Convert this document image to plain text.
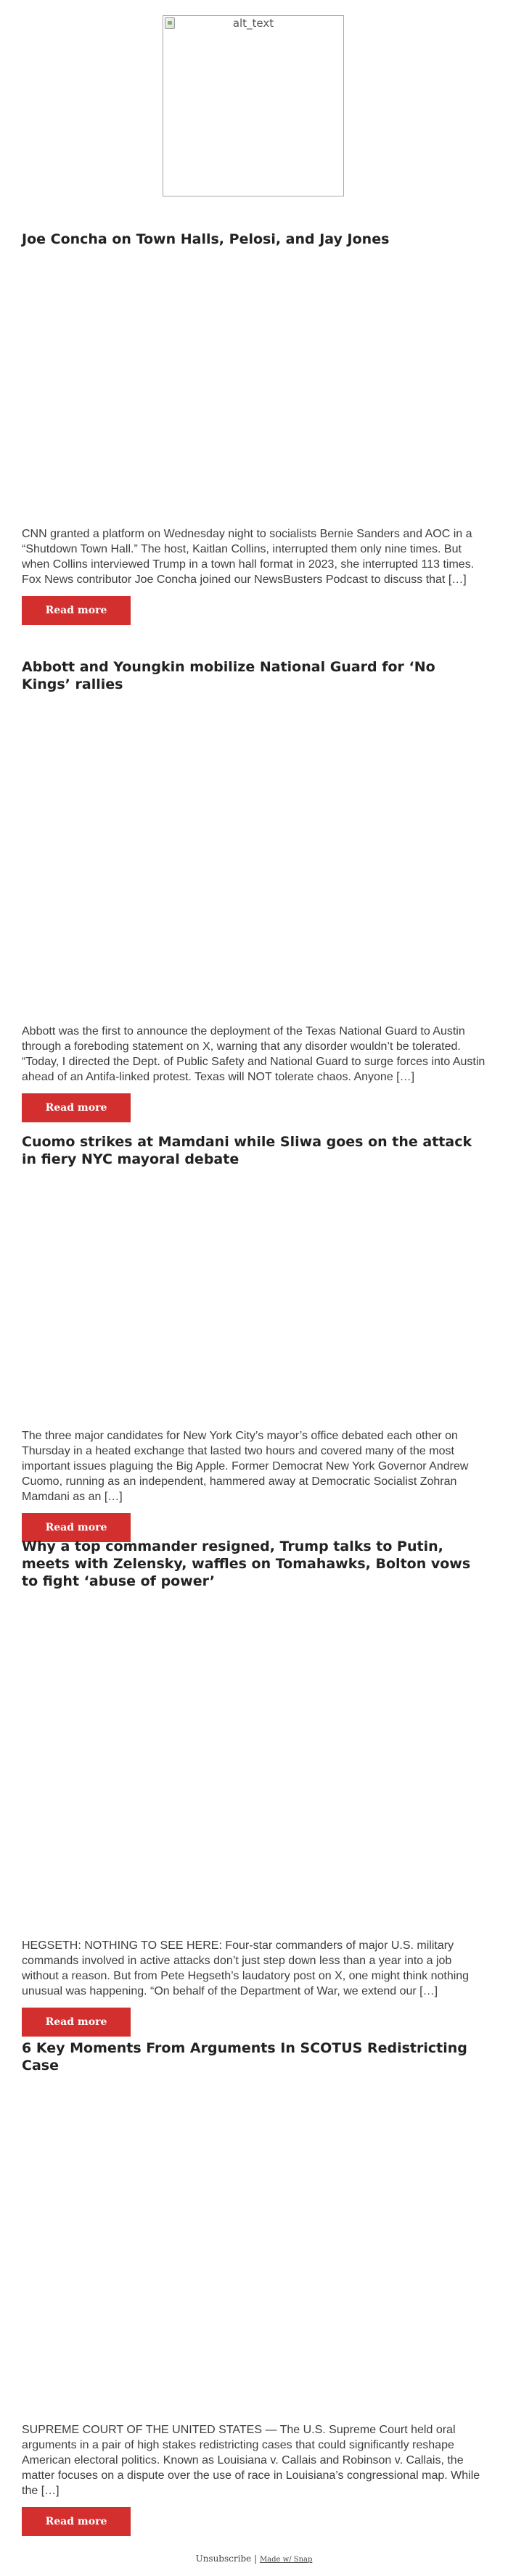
alt_text
Joe Concha on Town Halls, Pelosi, and Jay Jones

CNN granted a platform on Wednesday night to socialists Bernie Sanders and AOC in a “Shutdown Town Hall.” The host, Kaitlan Collins, interrupted them only nine times. But when Collins interviewed Trump in a town hall format in 2023, she interrupted 113 times. Fox News contributor Joe Concha joined our NewsBusters Podcast to discuss that […]

Read more
Abbott and Youngkin mobilize National Guard for ‘No Kings’ rallies

Abbott was the first to announce the deployment of the Texas National Guard to Austin through a foreboding statement on X, warning that any disorder wouldn’t be tolerated. “Today, I directed the Dept. of Public Safety and National Guard to surge forces into Austin ahead of an Antifa-linked protest. Texas will NOT tolerate chaos. Anyone […]

Read more
Cuomo strikes at Mamdani while Sliwa goes on the attack in fiery NYC mayoral debate

The three major candidates for New York City’s mayor’s office debated each other on Thursday in a heated exchange that lasted two hours and covered many of the most important issues plaguing the Big Apple. Former Democrat New York Governor Andrew Cuomo, running as an independent, hammered away at Democratic Socialist Zohran Mamdani as an […]

Read more
Why a top commander resigned, Trump talks to Putin, meets with Zelensky, waffles on Tomahawks, Bolton vows to fight ‘abuse of power’

HEGSETH: NOTHING TO SEE HERE: Four-star commanders of major U.S. military commands involved in active attacks don’t just step down less than a year into a job without a reason. But from Pete Hegseth’s laudatory post on X, one might think nothing unusual was happening. “On behalf of the Department of War, we extend our […]

Read more
6 Key Moments From Arguments In SCOTUS Redistricting Case

SUPREME COURT OF THE UNITED STATES — The U.S. Supreme Court held oral arguments in a pair of high stakes redistricting cases that could significantly reshape American electoral politics. Known as Louisiana v. Callais and Robinson v. Callais, the matter focuses on a dispute over the use of race in Louisiana’s congressional map. While the […]

Read more
Unsubscribe | Made w/ Snap
